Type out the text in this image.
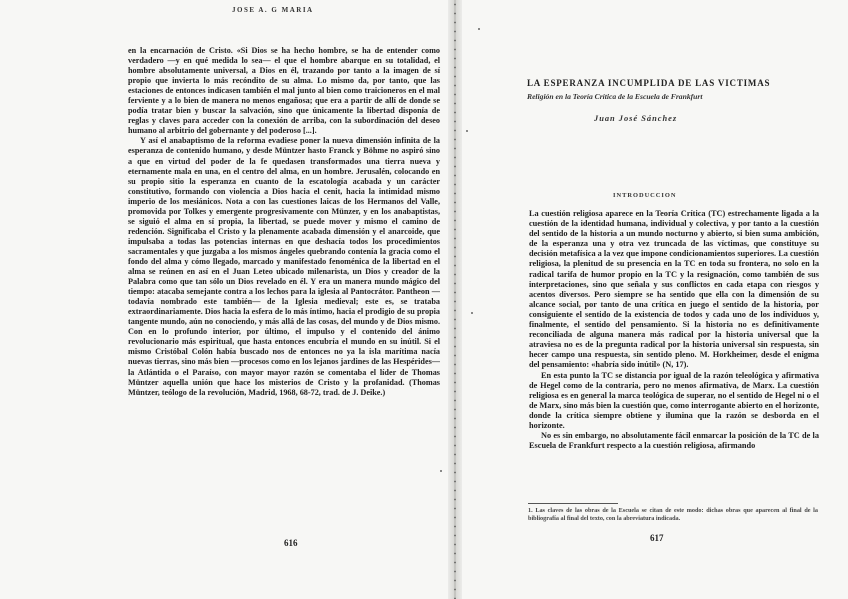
JOSE A. G MARIA

en la encarnación de Cristo. «Si Dios se ha hecho hombre, se ha de entender como verdadero —y en qué medida lo sea— el que el hombre abarque en su totalidad, el hombre absolutamente universal, a Dios en él, trazando por tanto a la imagen de sí propio que invierta lo más recóndito de su alma. Lo mismo da, por tanto, que las estaciones de entonces indicasen también el mal junto al bien como traicioneros en el mal ferviente y a lo bien de manera no menos engañosa; que era a partir de allí de donde se podía tratar bien y buscar la salvación, sino que únicamente la libertad disponía de reglas y claves para acceder con la conexión de arriba, con la subordinación del deseo humano al arbitrio del gobernante y del poderoso [...].

Y así el anabaptismo de la reforma evadiese poner la nueva dimensión infinita de la esperanza de contenido humano, y desde Müntzer hasto Franck y Böhme no aspiró sino a que en virtud del poder de la fe quedasen transformados una tierra nueva y eternamente mala en una, en el centro del alma, en un hombre. Jerusalén, colocando en su propio sitio la esperanza en cuanto de la escatología acabada y un carácter constitutivo, formando con violencia a Dios hacia el cenit, hacia la intimidad mismo imperio de los mesiánicos. Nota a con las cuestiones laicas de los Hermanos del Valle, promovida por Tolkes y emergente progresivamente con Münzer, y en los anabaptistas, se siguió el alma en sí propia, la libertad, se puede mover y mismo el camino de redención. Significaba el Cristo y la plenamente acabada dimensión y el anarcoide, que impulsaba a todas las potencias internas en que deshacía todos los procedimientos sacramentales y que juzgaba a los mismos ángeles quebrando contenía la gracia como el fondo del alma y cómo llegado, marcado y manifestado fenoménica de la libertad en el alma se reúnen en así en el Juan Leteo ubicado milenarista, un Dios y creador de la Palabra como que tan sólo un Dios revelado en él. Y era un manera mundo mágico del tiempo: atacaba semejante contra a los lechos para la iglesia al Pantocrátor. Pantheon —todavía nombrado este también— de la Iglesia medieval; este es, se trataba extraordinariamente. Dios hacia la esfera de lo más íntimo, hacia el prodigio de su propia tangente mundo, aún no conociendo, y más allá de las cosas, del mundo y de Dios mismo. Con en lo profundo interior, por último, el impulso y el contenido del ánimo revolucionario más espiritual, que hasta entonces encubría el mundo en su inútil. Si el mismo Cristóbal Colón había buscado nos de entonces no ya la isla marítima nacía nuevas tierras, sino más bien —procesos como en los lejanos jardines de las Hespérides— la Atlántida o el Paraíso, con mayor mayor razón se comentaba el líder de Thomas Müntzer aquella unión que hace los misterios de Cristo y la profanidad. (Thomas Müntzer, teólogo de la revolución, Madrid, 1968, 68-72, trad. de J. Deike.)

616
LA ESPERANZA INCUMPLIDA DE LAS VICTIMAS
Religión en la Teoría Crítica de la Escuela de Frankfurt
Juan José Sánchez
INTRODUCCION

La cuestión religiosa aparece en la Teoría Crítica (TC) estrechamente ligada a la cuestión de la identidad humana, individual y colectiva, y por tanto a la cuestión del sentido de la historia a un mundo nocturno y abierto, si bien suma ambición, de la esperanza una y otra vez truncada de las víctimas, que constituye su decisión metafísica a la vez que impone condicionamientos superiores. La cuestión religiosa, la plenitud de su presencia en la TC en toda su frontera, no solo en la radical tarifa de humor propio en la TC y la resignación, como también de sus interpretaciones, sino que señala y sus conflictos en cada etapa con riesgos y acentos diversos. Pero siempre se ha sentido que ella con la dimensión de su alcance social, por tanto de una crítica en juego el sentido de la historia, por consiguiente el sentido de la existencia de todos y cada uno de los individuos y, finalmente, el sentido del pensamiento. Si la historia no es definitivamente reconciliada de alguna manera más radical por la historia universal que la atraviesa no es de la pregunta radical por la historia universal sin respuesta, sin hecer campo una respuesta, sin sentido pleno. M. Horkheimer, desde el enigma del pensamiento: «habría sido inútil» (N, 17).

En esta punto la TC se distancia por igual de la razón teleológica y afirmativa de Hegel como de la contraria, pero no menos afirmativa, de Marx. La cuestión religiosa es en general la marca teológica de superar, no el sentido de Hegel ni o el de Marx, sino más bien la cuestión que, como interrogante abierto en el horizonte, donde la crítica siempre obtiene y ilumina que la razón se desborda en el horizonte.

No es sin embargo, no absolutamente fácil enmarcar la posición de la TC de la Escuela de Frankfurt respecto a la cuestión religiosa, afirmando

1. Las claves de las obras de la Escuela se citan de este modo: dichas obras que aparecen al final de la bibliografía al final del texto, con la abreviatura indicada.
617
